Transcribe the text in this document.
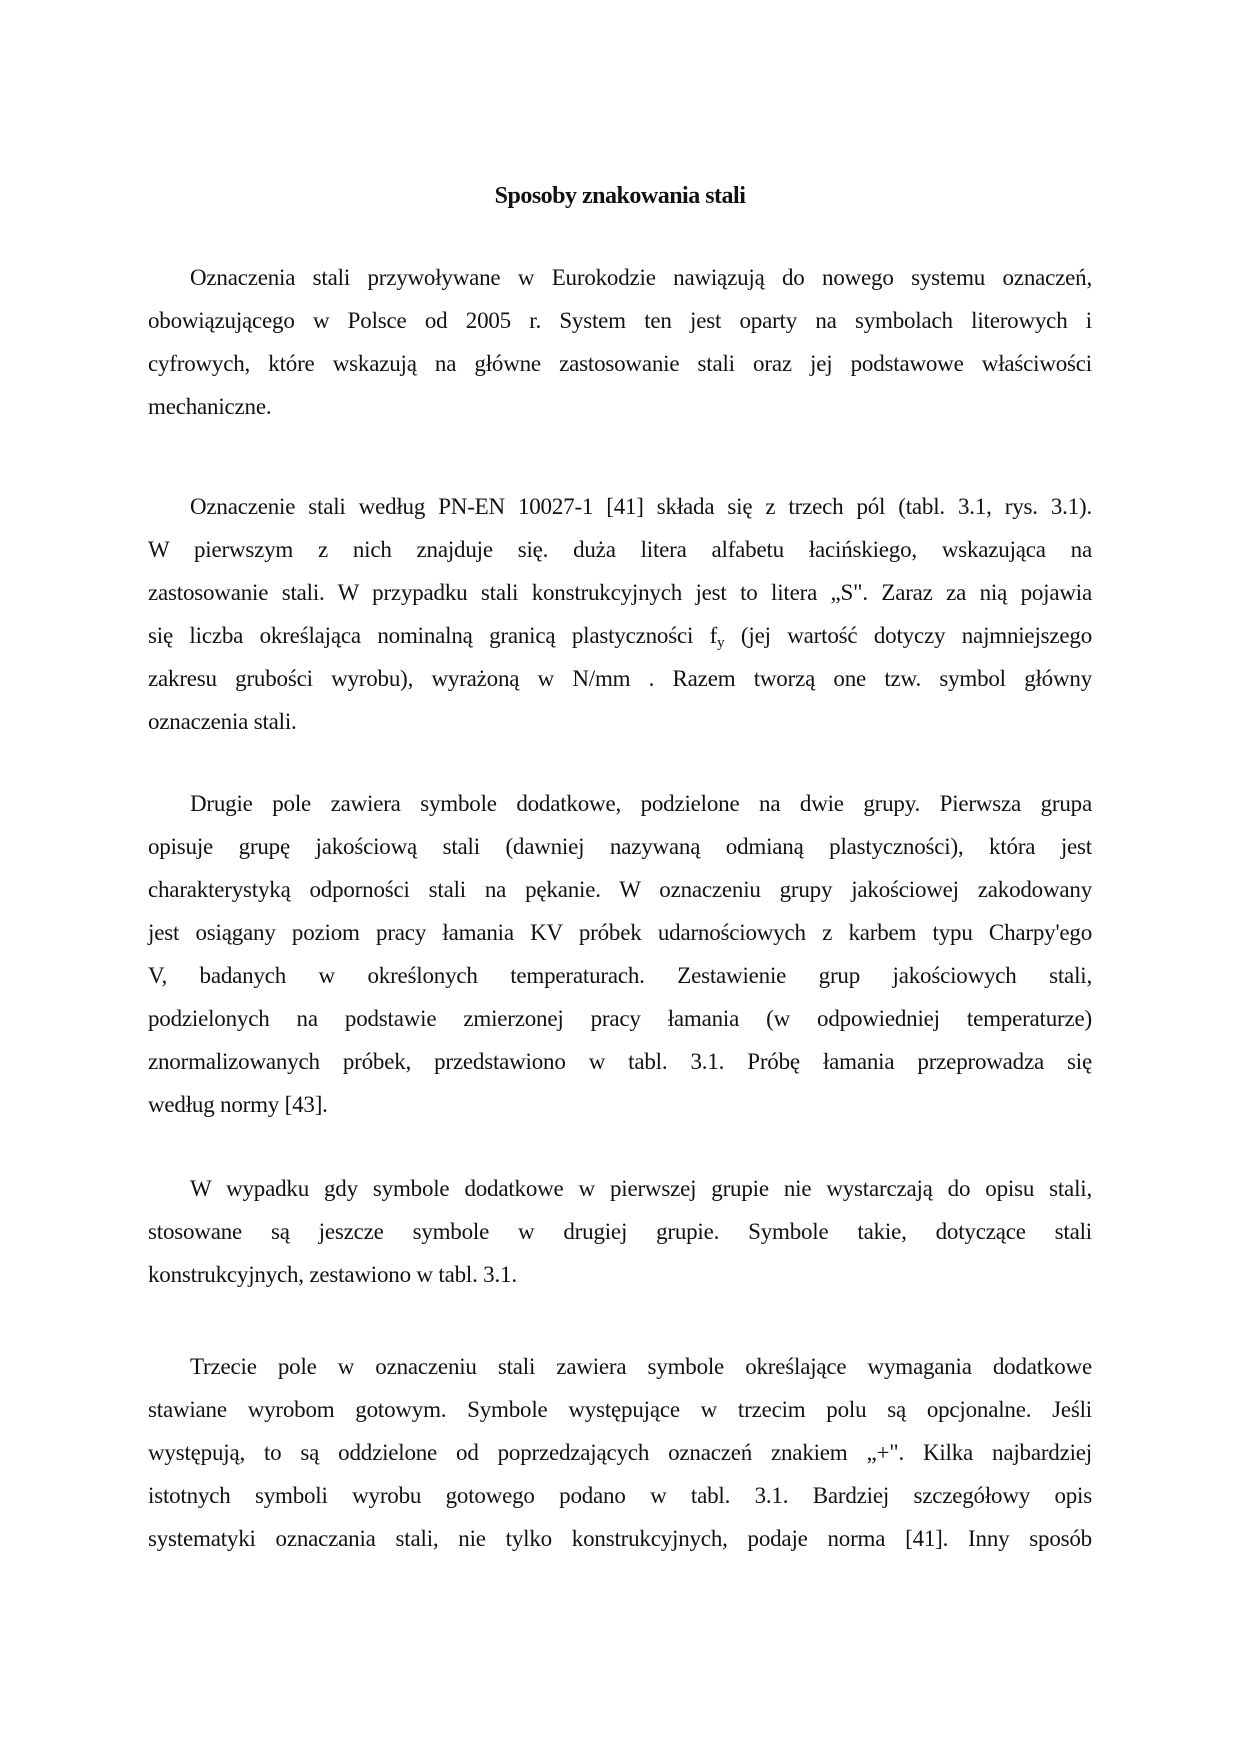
Sposoby znakowania stali
Oznaczenia stali przywoływane w Eurokodzie nawiązują do nowego systemu oznaczeń,
obowiązującego w Polsce od 2005 r. System ten jest oparty na symbolach literowych i
cyfrowych, które wskazują na główne zastosowanie stali oraz jej podstawowe właściwości
mechaniczne.
Oznaczenie stali według PN-EN 10027-1 [41] składa się z trzech pól (tabl. 3.1, rys. 3.1).
W pierwszym z nich znajduje się. duża litera alfabetu łacińskiego, wskazująca na
zastosowanie stali. W przypadku stali konstrukcyjnych jest to litera „S". Zaraz za nią pojawia
się liczba określająca nominalną granicą plastyczności $f_y$ (jej wartość dotyczy najmniejszego
zakresu grubości wyrobu), wyrażoną w N/mm . Razem tworzą one tzw. symbol główny
oznaczenia stali.
Drugie pole zawiera symbole dodatkowe, podzielone na dwie grupy. Pierwsza grupa
opisuje grupę jakościową stali (dawniej nazywaną odmianą plastyczności), która jest
charakterystyką odporności stali na pękanie. W oznaczeniu grupy jakościowej zakodowany
jest osiągany poziom pracy łamania KV próbek udarnościowych z karbem typu Charpy'ego
V, badanych w określonych temperaturach. Zestawienie grup jakościowych stali,
podzielonych na podstawie zmierzonej pracy łamania (w odpowiedniej temperaturze)
znormalizowanych próbek, przedstawiono w tabl. 3.1. Próbę łamania przeprowadza się
według normy [43].
W wypadku gdy symbole dodatkowe w pierwszej grupie nie wystarczają do opisu stali,
stosowane są jeszcze symbole w drugiej grupie. Symbole takie, dotyczące stali
konstrukcyjnych, zestawiono w tabl. 3.1.
Trzecie pole w oznaczeniu stali zawiera symbole określające wymagania dodatkowe
stawiane wyrobom gotowym. Symbole występujące w trzecim polu są opcjonalne. Jeśli
występują, to są oddzielone od poprzedzających oznaczeń znakiem „+". Kilka najbardziej
istotnych symboli wyrobu gotowego podano w tabl. 3.1. Bardziej szczegółowy opis
systematyki oznaczania stali, nie tylko konstrukcyjnych, podaje norma [41]. Inny sposób
